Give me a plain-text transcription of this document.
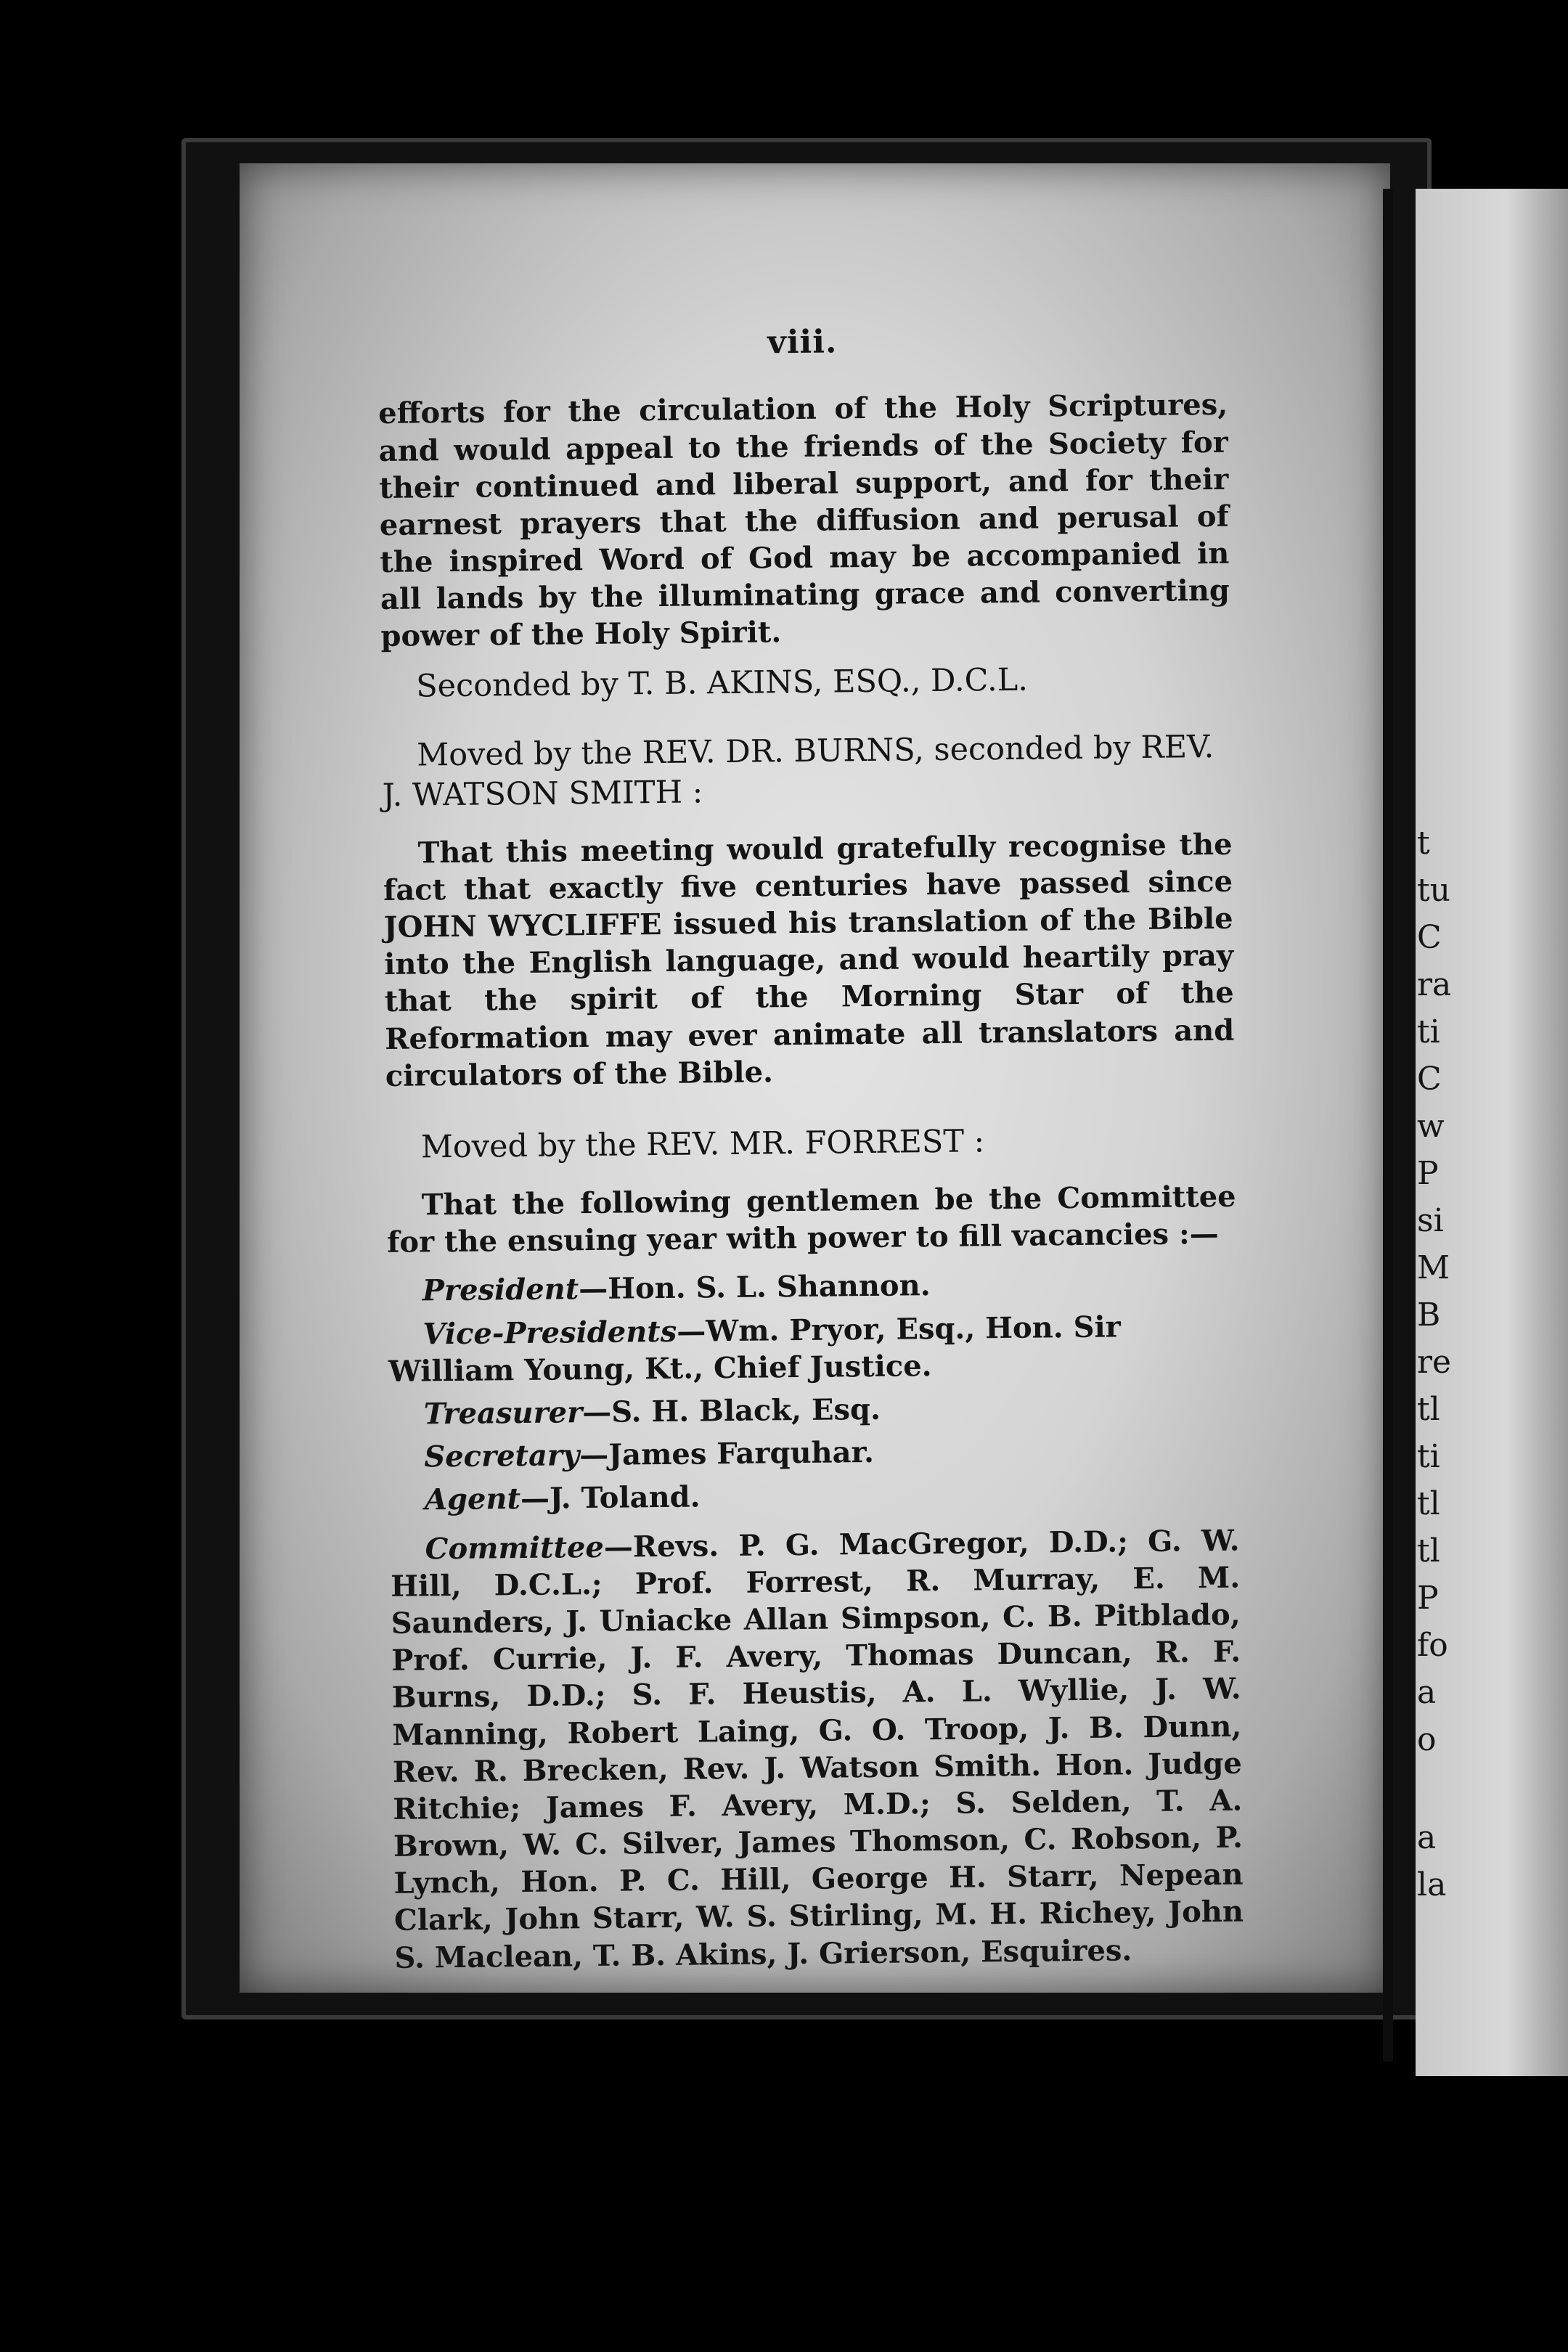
t
tu
C
ra
ti
C
w
P
si
M
B
re
tl
ti
tl
tl
P
fo
a
o
a
la
viii.

efforts for the circulation of the Holy Scriptures, and would appeal to the friends of the Society for their continued and liberal support, and for their earnest prayers that the diffusion and perusal of the inspired Word of God may be accompanied in all lands by the illuminating grace and converting power of the Holy Spirit.

Seconded by T. B. AKINS, ESQ., D.C.L.

Moved by the REV. DR. BURNS, seconded by REV. J. WATSON SMITH :

That this meeting would gratefully recognise the fact that exactly five centuries have passed since JOHN WYCLIFFE issued his translation of the Bible into the English language, and would heartily pray that the spirit of the Morning Star of the Reformation may ever animate all translators and circulators of the Bible.

Moved by the REV. MR. FORREST :

That the following gentlemen be the Committee for the ensuing year with power to fill vacancies :—

President—Hon. S. L. Shannon.
Vice-Presidents—Wm. Pryor, Esq., Hon. Sir William Young, Kt., Chief Justice.
Treasurer—S. H. Black, Esq.
Secretary—James Farquhar.
Agent—J. Toland.

Committee—Revs. P. G. MacGregor, D.D.; G. W. Hill, D.C.L.; Prof. Forrest, R. Murray, E. M. Saunders, J. Uniacke Allan Simpson, C. B. Pitblado, Prof. Currie, J. F. Avery, Thomas Duncan, R. F. Burns, D.D.; S. F. Heustis, A. L. Wyllie, J. W. Manning, Robert Laing, G. O. Troop, J. B. Dunn, Rev. R. Brecken, Rev. J. Watson Smith. Hon. Judge Ritchie; James F. Avery, M.D.; S. Selden, T. A. Brown, W. C. Silver, James Thomson, C. Robson, P. Lynch, Hon. P. C. Hill, George H. Starr, Nepean Clark, John Starr, W. S. Stirling, M. H. Richey, John S. Maclean, T. B. Akins, J. Grierson, Esquires.
